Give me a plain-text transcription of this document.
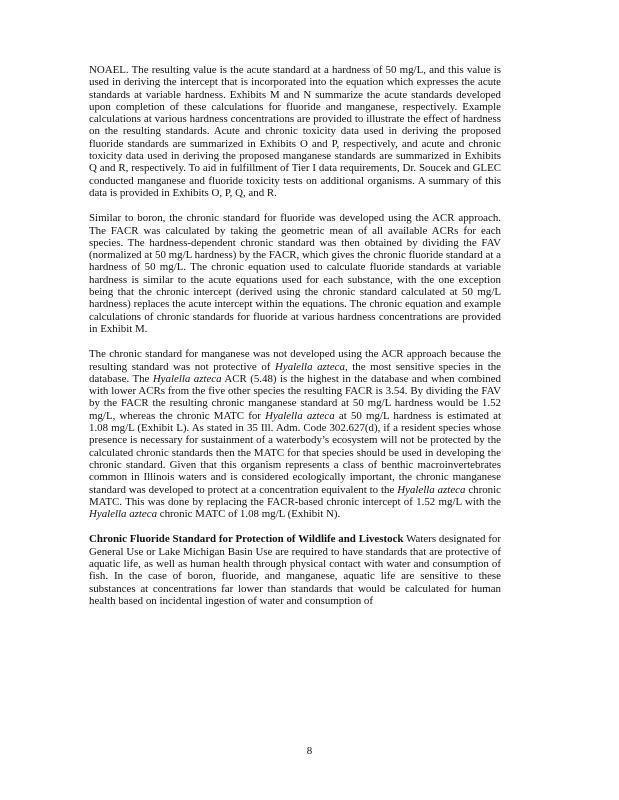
NOAEL. The resulting value is the acute standard at a hardness of 50 mg/L, and this value is used in deriving the intercept that is incorporated into the equation which expresses the acute standards at variable hardness. Exhibits M and N summarize the acute standards developed upon completion of these calculations for fluoride and manganese, respectively. Example calculations at various hardness concentrations are provided to illustrate the effect of hardness on the resulting standards. Acute and chronic toxicity data used in deriving the proposed fluoride standards are summarized in Exhibits O and P, respectively, and acute and chronic toxicity data used in deriving the proposed manganese standards are summarized in Exhibits Q and R, respectively. To aid in fulfillment of Tier I data requirements, Dr. Soucek and GLEC conducted manganese and fluoride toxicity tests on additional organisms. A summary of this data is provided in Exhibits O, P, Q, and R.

Similar to boron, the chronic standard for fluoride was developed using the ACR approach. The FACR was calculated by taking the geometric mean of all available ACRs for each species. The hardness-dependent chronic standard was then obtained by dividing the FAV (normalized at 50 mg/L hardness) by the FACR, which gives the chronic fluoride standard at a hardness of 50 mg/L. The chronic equation used to calculate fluoride standards at variable hardness is similar to the acute equations used for each substance, with the one exception being that the chronic intercept (derived using the chronic standard calculated at 50 mg/L hardness) replaces the acute intercept within the equations. The chronic equation and example calculations of chronic standards for fluoride at various hardness concentrations are provided in Exhibit M.

The chronic standard for manganese was not developed using the ACR approach because the resulting standard was not protective of Hyalella azteca, the most sensitive species in the database. The Hyalella azteca ACR (5.48) is the highest in the database and when combined with lower ACRs from the five other species the resulting FACR is 3.54. By dividing the FAV by the FACR the resulting chronic manganese standard at 50 mg/L hardness would be 1.52 mg/L, whereas the chronic MATC for Hyalella azteca at 50 mg/L hardness is estimated at 1.08 mg/L (Exhibit L). As stated in 35 Ill. Adm. Code 302.627(d), if a resident species whose presence is necessary for sustainment of a waterbody’s ecosystem will not be protected by the calculated chronic standards then the MATC for that species should be used in developing the chronic standard. Given that this organism represents a class of benthic macroinvertebrates common in Illinois waters and is considered ecologically important, the chronic manganese standard was developed to protect at a concentration equivalent to the Hyalella azteca chronic MATC. This was done by replacing the FACR-based chronic intercept of 1.52 mg/L with the Hyalella azteca chronic MATC of 1.08 mg/L (Exhibit N).

Chronic Fluoride Standard for Protection of Wildlife and Livestock Waters designated for General Use or Lake Michigan Basin Use are required to have standards that are protective of aquatic life, as well as human health through physical contact with water and consumption of fish. In the case of boron, fluoride, and manganese, aquatic life are sensitive to these substances at concentrations far lower than standards that would be calculated for human health based on incidental ingestion of water and consumption of

8
